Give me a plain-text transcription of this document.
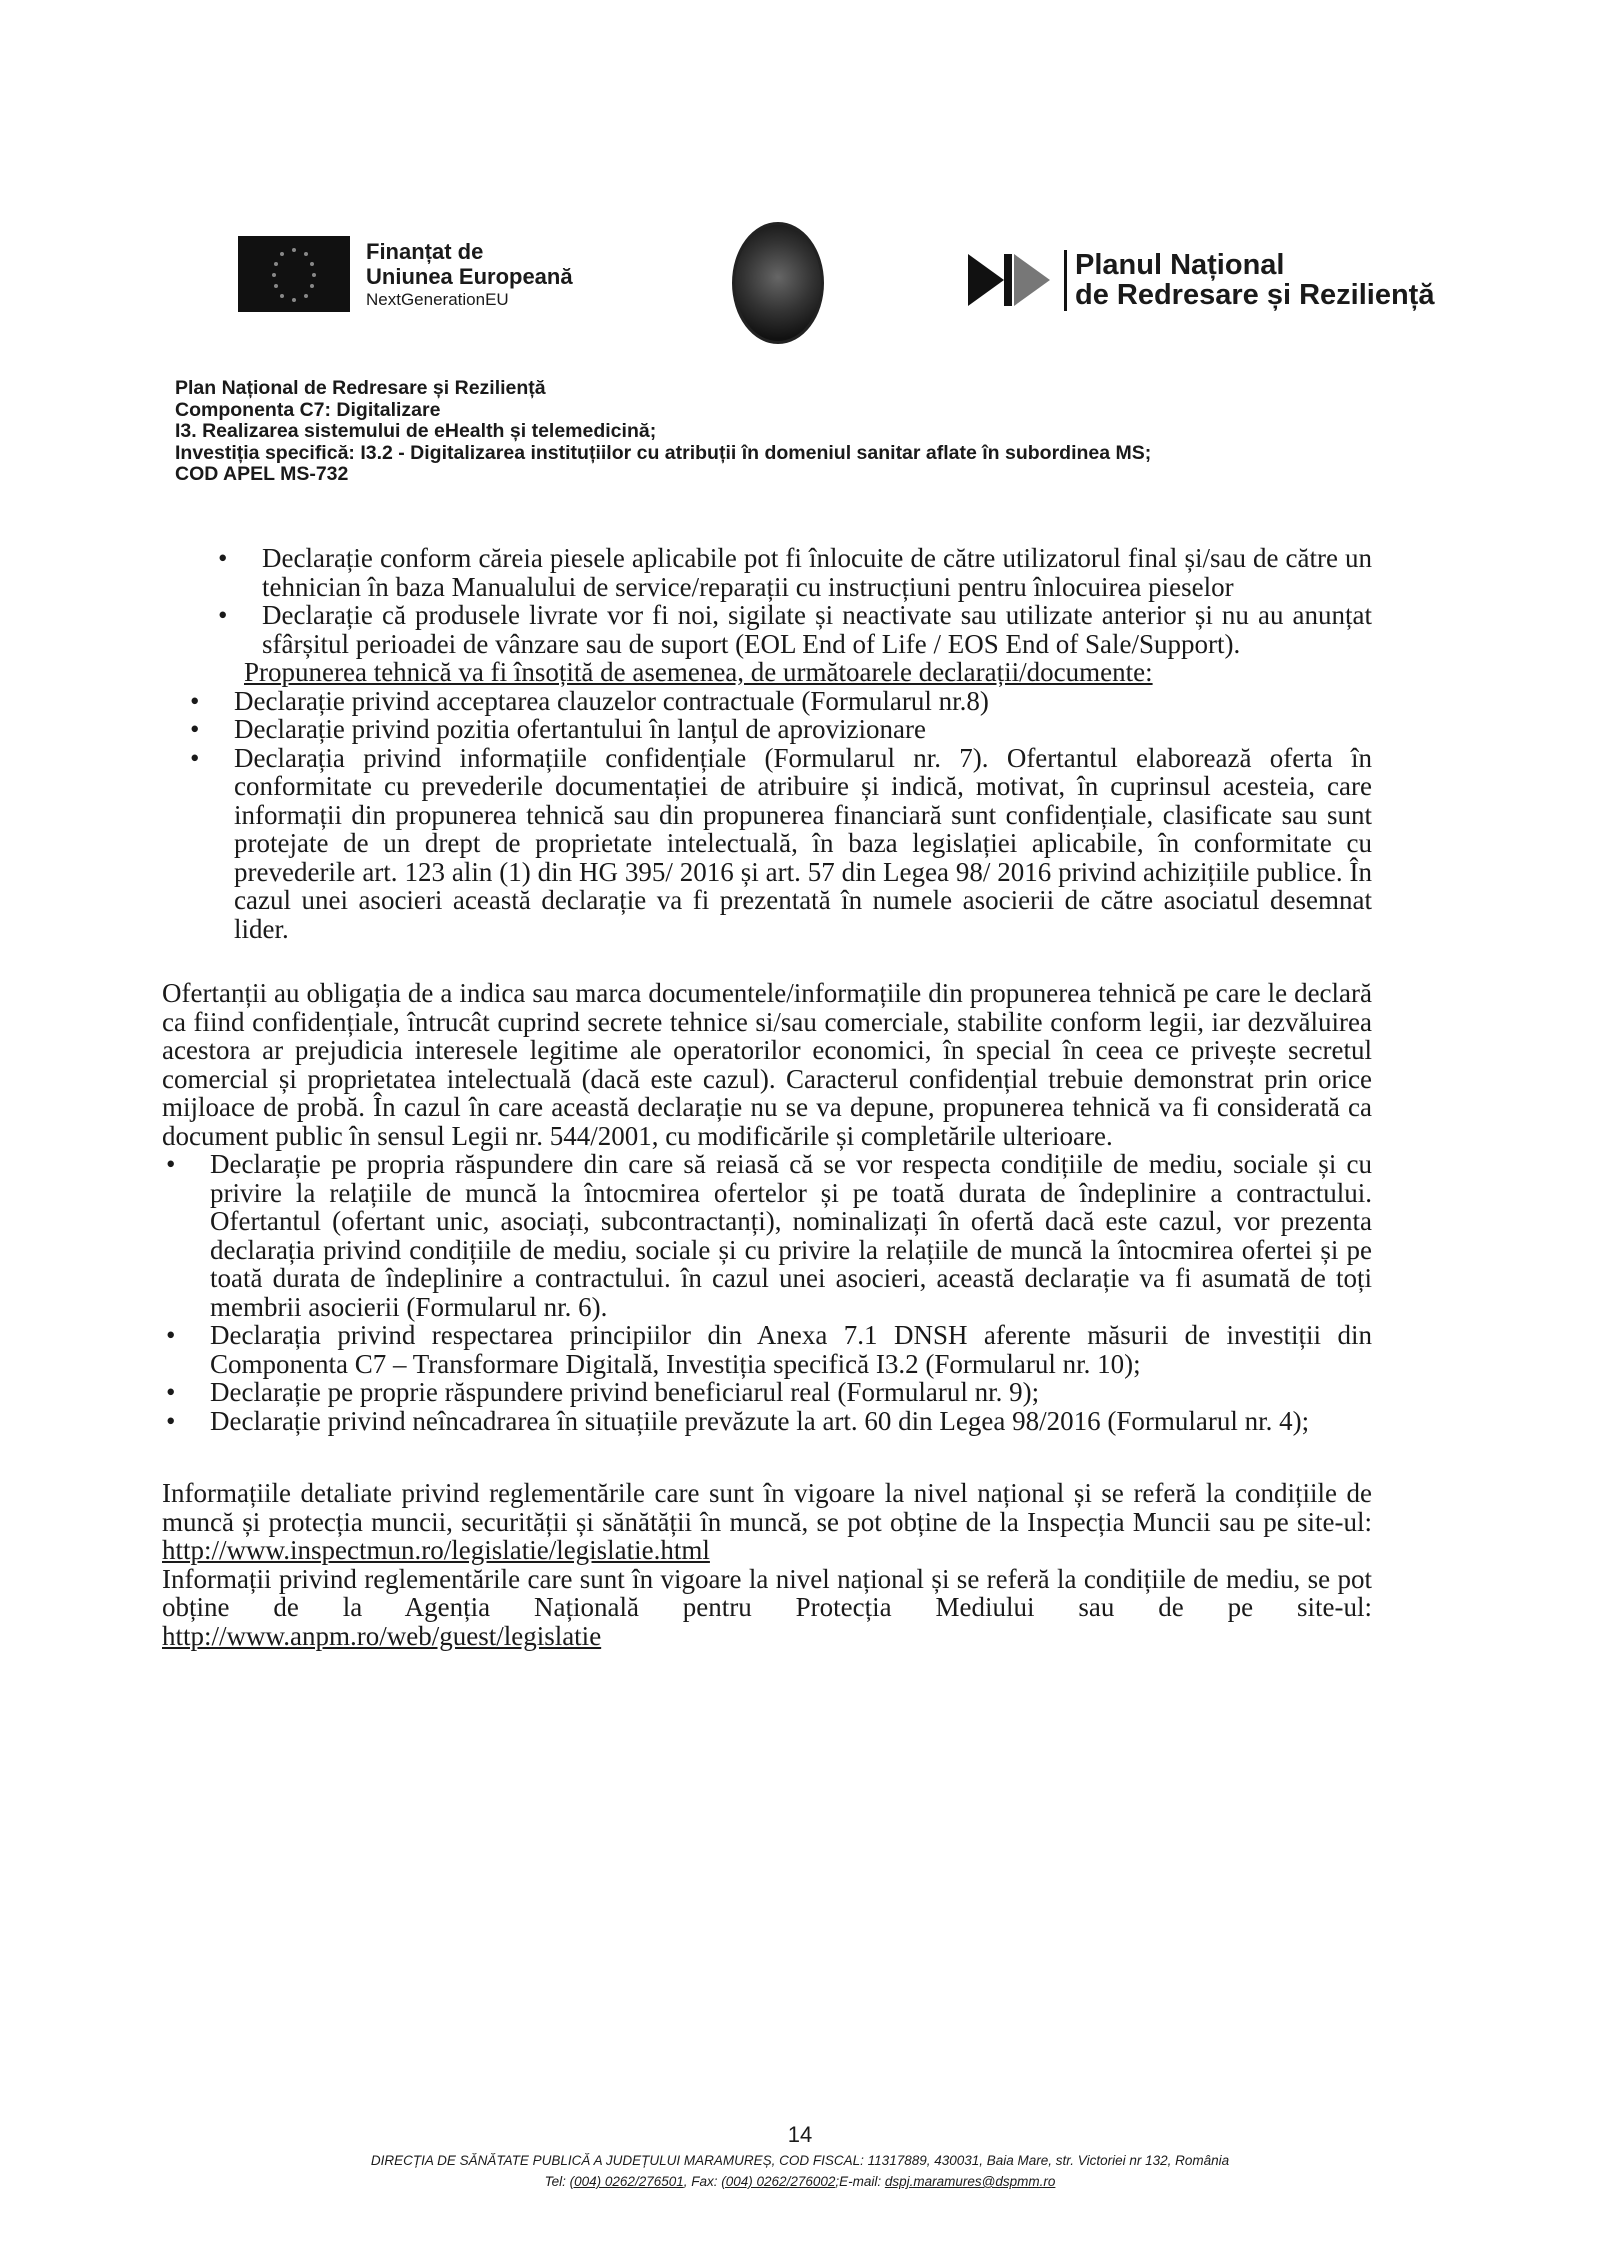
Finanțat de
Uniunea Europeană
NextGenerationEU
Planul Național
de Redresare și Reziliență

Plan Național de Redresare și Reziliență

Componenta C7: Digitalizare

I3. Realizarea sistemului de eHealth și telemedicină;

Investiția specifică: I3.2 - Digitalizarea instituțiilor cu atribuții în domeniul sanitar aflate în subordinea MS;

COD APEL MS-732

• Declarație conform căreia piesele aplicabile pot fi înlocuite de către utilizatorul final și/sau de către un tehnician în baza Manualului de service/reparații cu instrucțiuni pentru înlocuirea pieselor
• Declarație că produsele livrate vor fi noi, sigilate și neactivate sau utilizate anterior și nu au anunțat sfârșitul perioadei de vânzare sau de suport (EOL End of Life / EOS End of Sale/Support).

Propunerea tehnică va fi însoțită de asemenea, de următoarele declarații/documente:

• Declarație privind acceptarea clauzelor contractuale (Formularul nr.8)
• Declarație privind pozitia ofertantului în lanțul de aprovizionare
• Declarația privind informațiile confidențiale (Formularul nr. 7). Ofertantul elaborează oferta în conformitate cu prevederile documentației de atribuire și indică, motivat, în cuprinsul acesteia, care informații din propunerea tehnică sau din propunerea financiară sunt confidențiale, clasificate sau sunt protejate de un drept de proprietate intelectuală, în baza legislației aplicabile, în conformitate cu prevederile art. 123 alin (1) din HG 395/ 2016 și art. 57 din Legea 98/ 2016 privind achizițiile publice. În cazul unei asocieri această declarație va fi prezentată în numele asocierii de către asociatul desemnat lider.

Ofertanții au obligația de a indica sau marca documentele/informațiile din propunerea tehnică pe care le declară ca fiind confidențiale, întrucât cuprind secrete tehnice si/sau comerciale, stabilite conform legii, iar dezvăluirea acestora ar prejudicia interesele legitime ale operatorilor economici, în special în ceea ce privește secretul comercial și proprietatea intelectuală (dacă este cazul). Caracterul confidențial trebuie demonstrat prin orice mijloace de probă. În cazul în care această declarație nu se va depune, propunerea tehnică va fi considerată ca document public în sensul Legii nr. 544/2001, cu modificările și completările ulterioare.

• Declarație pe propria răspundere din care să reiasă că se vor respecta condițiile de mediu, sociale și cu privire la relațiile de muncă la întocmirea ofertelor și pe toată durata de îndeplinire a contractului. Ofertantul (ofertant unic, asociați, subcontractanți), nominalizați în ofertă dacă este cazul, vor prezenta declarația privind condițiile de mediu, sociale și cu privire la relațiile de muncă la întocmirea ofertei și pe toată durata de îndeplinire a contractului. în cazul unei asocieri, această declarație va fi asumată de toți membrii asocierii (Formularul nr. 6).
• Declarația privind respectarea principiilor din Anexa 7.1 DNSH aferente măsurii de investiții din Componenta C7 – Transformare Digitală, Investiția specifică I3.2 (Formularul nr. 10);
• Declarație pe proprie răspundere privind beneficiarul real (Formularul nr. 9);
• Declarație privind neîncadrarea în situațiile prevăzute la art. 60 din Legea 98/2016 (Formularul nr. 4);

Informațiile detaliate privind reglementările care sunt în vigoare la nivel național și se referă la condițiile de muncă și protecția muncii, securității și sănătății în muncă, se pot obține de la Inspecția Muncii sau pe site-ul: http://www.inspectmun.ro/legislatie/legislatie.html

Informații privind reglementările care sunt în vigoare la nivel național și se referă la condițiile de mediu, se pot obține de la Agenția Națională pentru Protecția Mediului sau de pe site-ul: http://www.anpm.ro/web/guest/legislatie

14
DIRECȚIA DE SĂNĂTATE PUBLICĂ A JUDEȚULUI MARAMUREȘ, COD FISCAL: 11317889, 430031, Baia Mare, str. Victoriei nr 132, România
Tel: (004) 0262/276501, Fax: (004) 0262/276002;E-mail: dspj.maramures@dspmm.ro
